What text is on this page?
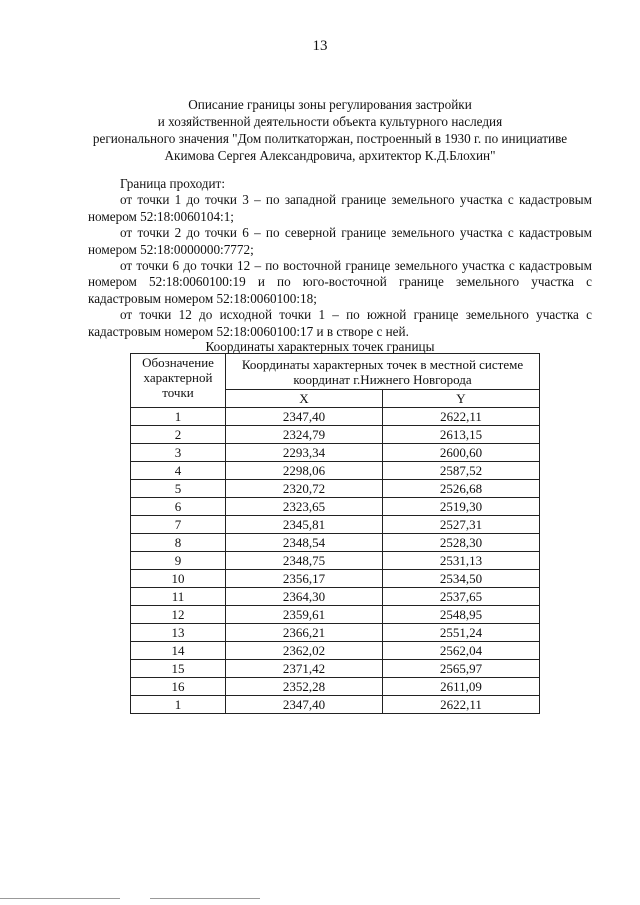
13
Описание границы зоны регулирования застройки
и хозяйственной деятельности объекта культурного наследия
регионального значения "Дом политкаторжан, построенный в 1930 г. по инициативе
Акимова Сергея Александровича, архитектор К.Д.Блохин"

Граница проходит:

от точки 1 до точки 3 – по западной границе земельного участка с кадастровым номером 52:18:0060104:1;

от точки 2 до точки 6 – по северной границе земельного участка с кадастровым номером 52:18:0000000:7772;

от точки 6 до точки 12 – по восточной границе земельного участка с кадастровым номером 52:18:0060100:19 и по юго-восточной границе земельного участка с кадастровым номером 52:18:0060100:18;

от точки 12 до исходной точки 1 – по южной границе земельного участка с кадастровым номером 52:18:0060100:17 и в створе с ней.

Координаты характерных точек границы
Обозначение характерной точки	Координаты характерных точек в местной системе координат г.Нижнего Новгорода	
	X	Y
1	2347,40	2622,11
2	2324,79	2613,15
3	2293,34	2600,60
4	2298,06	2587,52
5	2320,72	2526,68
6	2323,65	2519,30
7	2345,81	2527,31
8	2348,54	2528,30
9	2348,75	2531,13
10	2356,17	2534,50
11	2364,30	2537,65
12	2359,61	2548,95
13	2366,21	2551,24
14	2362,02	2562,04
15	2371,42	2565,97
16	2352,28	2611,09
1	2347,40	2622,11
